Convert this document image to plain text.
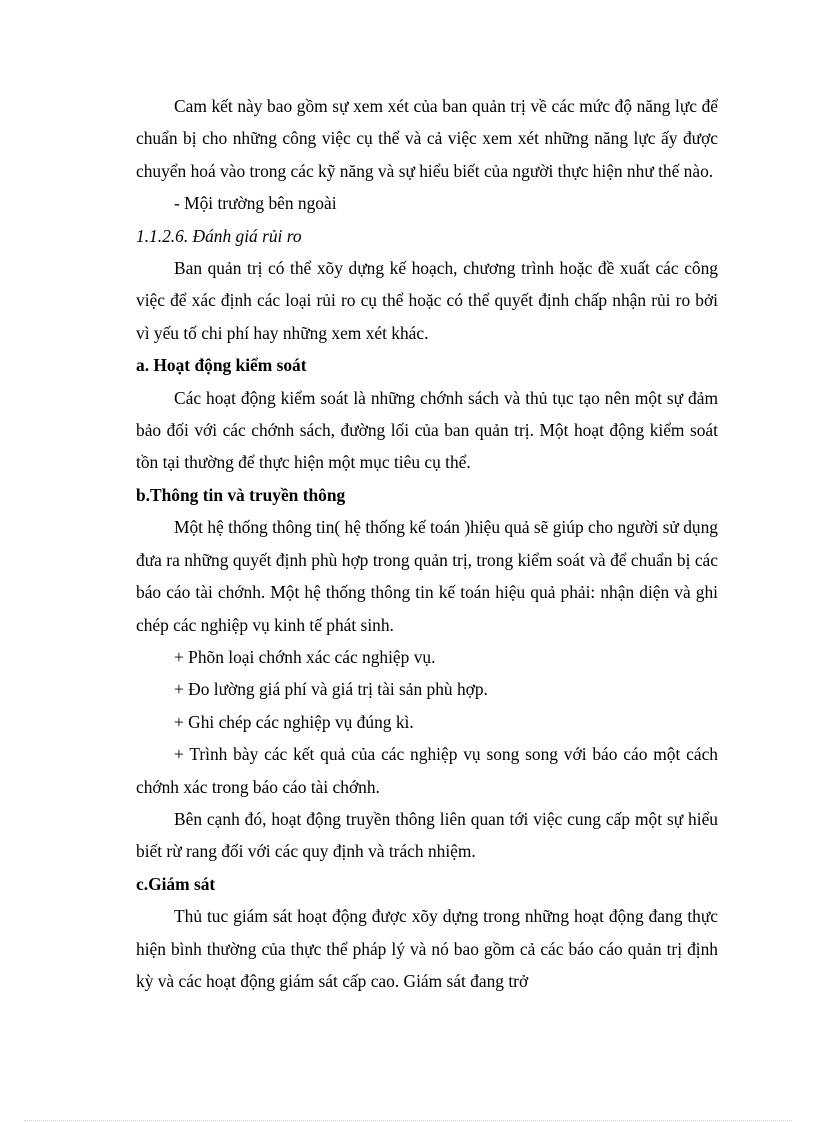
Cam kết này bao gồm sự xem xét của ban quản trị về các mức độ năng lực để chuẩn bị cho những công việc cụ thể và cả việc xem xét những năng lực ấy được chuyển hoá vào trong các kỹ năng và sự hiểu biết của người thực hiện như thế nào.

- Mội trường bên ngoài

1.1.2.6. Đánh giá rủi ro

Ban quản trị có thể xõy dựng kế hoạch, chương trình hoặc đề xuất các công việc để xác định các loại rủi ro cụ thể hoặc có thể quyết định chấp nhận rủi ro bởi vì yếu tố chi phí hay những xem xét khác.

a. Hoạt động kiểm soát

Các hoạt động kiểm soát là những chớnh sách và thủ tục tạo nên một sự đảm bảo đối với các chớnh sách, đường lối của ban quản trị. Một hoạt động kiểm soát tồn tại thường để thực hiện một mục tiêu cụ thể.

b.Thông tin và truyền thông

Một hệ thống thông tin( hệ thống kế toán )hiệu quả sẽ giúp cho người sử dụng đưa ra những quyết định phù hợp trong quản trị, trong kiểm soát và để chuẩn bị các báo cáo tài chớnh. Một hệ thống thông tin kế toán hiệu quả phải: nhận diện và ghi chép các nghiệp vụ kinh tế phát sinh.

+ Phõn loại chớnh xác các nghiệp vụ.

+ Đo lường giá phí và giá trị tài sản phù hợp.

+ Ghi chép các nghiệp vụ đúng kì.

+ Trình bày các kết quả của các nghiệp vụ song song với báo cáo một cách chớnh xác trong báo cáo tài chớnh.

Bên cạnh đó, hoạt động truyền thông liên quan tới việc cung cấp một sự hiểu biết rừ rang đối với các quy định và trách nhiệm.

c.Giám sát

Thủ tuc giám sát hoạt động được xõy dựng trong những hoạt động đang thực hiện bình thường của thực thể pháp lý và nó bao gồm cả các báo cáo quản trị định kỳ và các hoạt động giám sát cấp cao. Giám sát đang trở
